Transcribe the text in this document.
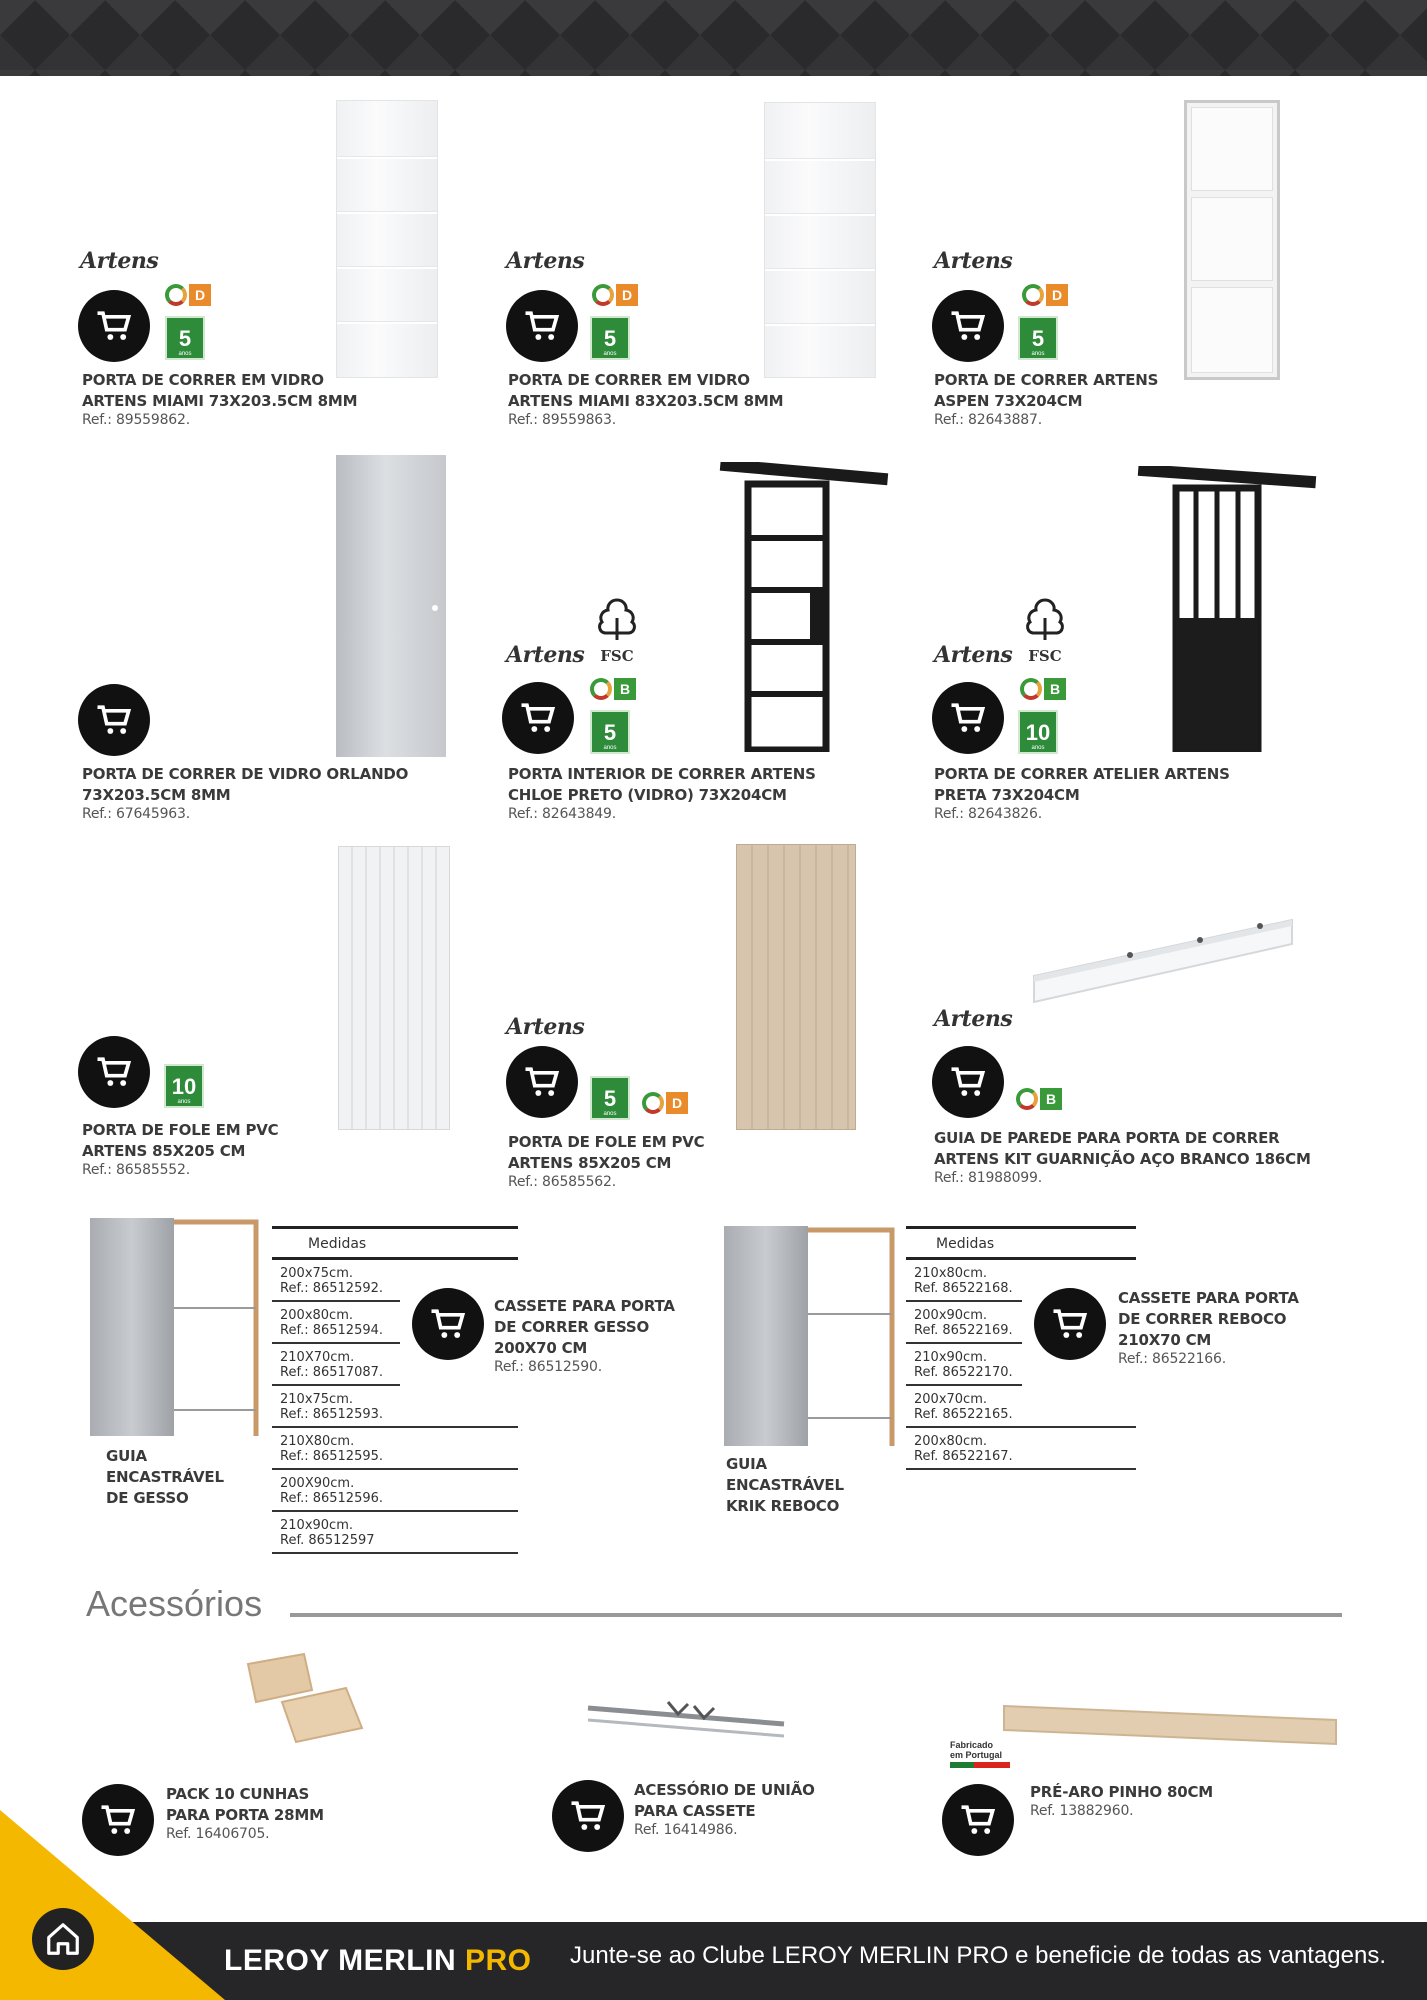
Artens
D

5
anos
PORTA DE CORRER EM VIDRO
ARTENS MIAMI 73X203.5CM 8MM
Ref.: 89559862.
Artens
D

5
anos
PORTA DE CORRER EM VIDRO
ARTENS MIAMI 83X203.5CM 8MM
Ref.: 89559863.
Artens
D

5
anos
PORTA DE CORRER ARTENS
ASPEN 73X204CM
Ref.: 82643887.
PORTA DE CORRER DE VIDRO ORLANDO
73X203.5CM 8MM
Ref.: 67645963.
Artens	FSC
B

5
anos
PORTA INTERIOR DE CORRER ARTENS
CHLOE PRETO (VIDRO) 73X204CM
Ref.: 82643849.
Artens	FSC
B

10
anos
PORTA DE CORRER ATELIER ARTENS
PRETA 73X204CM
Ref.: 82643826.

10
anos
PORTA DE FOLE EM PVC
ARTENS 85X205 CM
Ref.: 86585552.
Artens

5
anos
D
PORTA DE FOLE EM PVC
ARTENS 85X205 CM
Ref.: 86585562.
Artens
B
GUIA DE PAREDE PARA PORTA DE CORRER
ARTENS KIT GUARNIÇÃO AÇO BRANCO 186CM
Ref.: 81988099.
GUIA
ENCASTRÁVEL
DE GESSO
Medidas
200x75cm.
Ref.: 86512592.
200x80cm.
Ref.: 86512594.
210X70cm.
Ref.: 86517087.
210x75cm.
Ref.: 86512593.
210X80cm.
Ref.: 86512595.
200X90cm.
Ref.: 86512596.
210x90cm.
Ref. 86512597
CASSETE PARA PORTA
DE CORRER GESSO
200X70 CM
Ref.: 86512590.
GUIA
ENCASTRÁVEL
KRIK REBOCO
Medidas
210x80cm.
Ref. 86522168.
200x90cm.
Ref. 86522169.
210x90cm.
Ref. 86522170.
200x70cm.
Ref. 86522165.
200x80cm.
Ref. 86522167.
CASSETE PARA PORTA
DE CORRER REBOCO
210X70 CM
Ref.: 86522166.
Acessórios
PACK 10 CUNHAS
PARA PORTA 28MM
Ref. 16406705.
ACESSÓRIO DE UNIÃO
PARA CASSETE
Ref. 16414986.
Fabricado
em Portugal
PRÉ-ARO PINHO 80CM
Ref. 13882960.
LEROY MERLIN PRO Junte-se ao Clube LEROY MERLIN PRO e beneficie de todas as vantagens.
